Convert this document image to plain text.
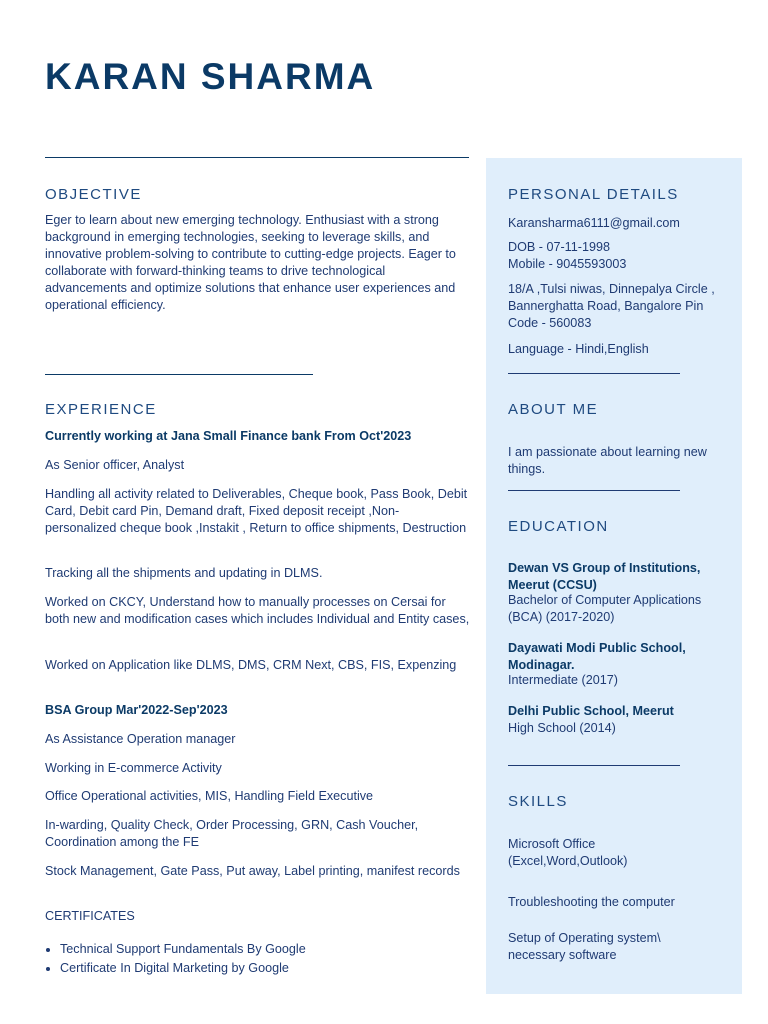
KARAN SHARMA
OBJECTIVE

Eger to learn about new emerging technology. Enthusiast with a strong background in emerging technologies, seeking to leverage skills, and innovative problem-solving to contribute to cutting-edge projects. Eager to collaborate with forward-thinking teams to drive technological advancements and optimize solutions that enhance user experiences and operational efficiency.

EXPERIENCE

Currently working at Jana Small Finance bank From Oct'2023

As Senior officer, Analyst

Handling all activity related to Deliverables, Cheque book, Pass Book, Debit Card, Debit card Pin, Demand draft, Fixed deposit receipt ,Non- personalized cheque book ,Instakit , Return to office shipments, Destruction

Tracking all the shipments and updating in DLMS.

Worked on CKCY, Understand how to manually processes on Cersai for both new and modification cases which includes Individual and Entity cases,

Worked on Application like DLMS, DMS, CRM Next, CBS, FIS, Expenzing

BSA Group Mar'2022-Sep'2023

As Assistance Operation manager

Working in E-commerce Activity

Office Operational activities, MIS, Handling Field Executive

In-warding, Quality Check, Order Processing, GRN, Cash Voucher, Coordination among the FE

Stock Management, Gate Pass, Put away, Label printing, manifest records

CERTIFICATES

• Technical Support Fundamentals By Google
• Certificate In Digital Marketing by Google
PERSONAL DETAILS

Karansharma6111@gmail.com

DOB - 07-11-1998

Mobile - 9045593003

18/A ,Tulsi niwas, Dinnepalya Circle , Bannerghatta Road, Bangalore Pin Code - 560083

Language - Hindi,English

ABOUT ME

I am passionate about learning new things.

EDUCATION

Dewan VS Group of Institutions, Meerut (CCSU)

Bachelor of Computer Applications (BCA) (2017-2020)

Dayawati Modi Public School, Modinagar.

Intermediate (2017)

Delhi Public School, Meerut

High School (2014)

SKILLS

Microsoft Office (Excel,Word,Outlook)

Troubleshooting the computer

Setup of Operating system\ necessary software
